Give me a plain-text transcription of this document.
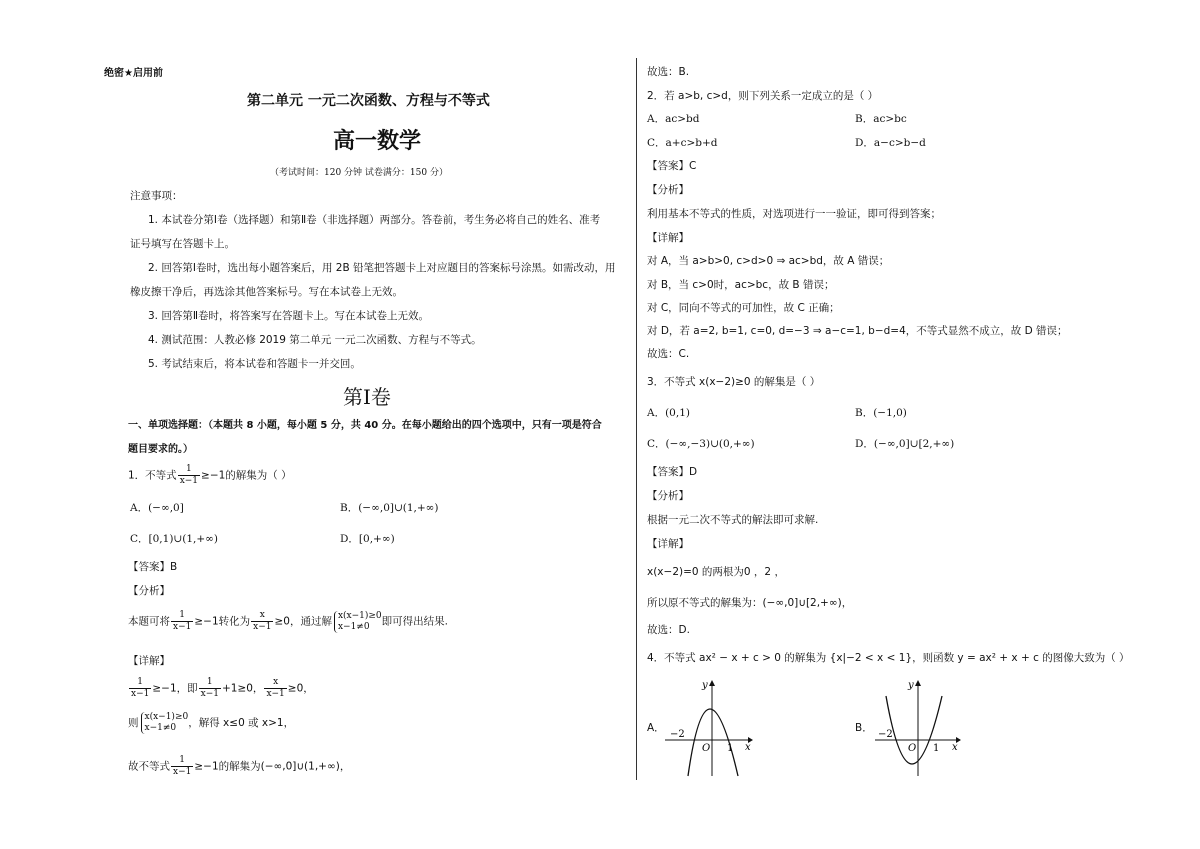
绝密★启用前
第二单元 一元二次函数、方程与不等式
高一数学
（考试时间：120 分钟 试卷满分：150 分）
注意事项：
1. 本试卷分第Ⅰ卷（选择题）和第Ⅱ卷（非选择题）两部分。答卷前，考生务必将自己的姓名、准考
证号填写在答题卡上。
2. 回答第Ⅰ卷时，选出每小题答案后，用 2B 铅笔把答题卡上对应题目的答案标号涂黑。如需改动，用
橡皮擦干净后，再选涂其他答案标号。写在本试卷上无效。
3. 回答第Ⅱ卷时，将答案写在答题卡上。写在本试卷上无效。
4. 测试范围：人教必修 2019 第二单元 一元二次函数、方程与不等式。
5. 考试结束后，将本试卷和答题卡一并交回。
第Ⅰ卷
一、单项选择题：（本题共 8 小题，每小题 5 分，共 40 分。在每小题给出的四个选项中，只有一项是符合
题目要求的。）
1．不等式 $\frac{1}{x-1} \ge-1$的解集为（ ）
A．(−∞,0]	B．(−∞,0]∪(1,+∞)
C．[0,1)∪(1,+∞)	D．[0,+∞)
【答案】B
【分析】
本题可将 $\frac{1}{x-1} \ge-1$转化为 $\frac{x}{x-1} \ge 0$，通过解 x(x−1)≥0
x−1≠0	即可得出结果.
【详解】
$\frac{1}{x-1} \ge-1$，即 $\frac{1}{x-1} +1\ge 0$， $\frac{x}{x-1} \ge 0$，
则 x(x−1)≥0
x−1≠0	，解得 x≤0 或 x>1，
故不等式 $\frac{1}{x-1} \ge-1$的解集为(−∞,0]∪(1,+∞)，
故选：B.
2．若 a>b, c>d，则下列关系一定成立的是（ ）
A．ac>bd	B．ac>bc
C．a+c>b+d	D．a−c>b−d
【答案】C
【分析】
利用基本不等式的性质，对选项进行一一验证，即可得到答案；
【详解】
对 A，当 a>b>0, c>d>0 ⇒ ac>bd，故 A 错误；
对 B，当 c>0时，ac>bc，故 B 错误；
对 C，同向不等式的可加性，故 C 正确；
对 D，若 a=2, b=1, c=0, d=−3 ⇒ a−c=1, b−d=4，不等式显然不成立，故 D 错误；
故选：C.
3．不等式 x(x−2)≥0 的解集是（ ）
A．(0,1)	B．(−1,0)
C．(−∞,−3)∪(0,+∞)	D．(−∞,0]∪[2,+∞)
【答案】D
【分析】
根据一元二次不等式的解法即可求解.
【详解】
x(x−2)=0 的两根为0 ，2 ，
所以原不等式的解集为：(−∞,0]∪[2,+∞)，
故选：D.
4．不等式 ax² − x + c > 0 的解集为 {x|−2 < x < 1}，则函数 y = ax² + x + c 的图像大致为（ ）
A．	B．
y
x
O
−2
1
y
x
O
−2
1
